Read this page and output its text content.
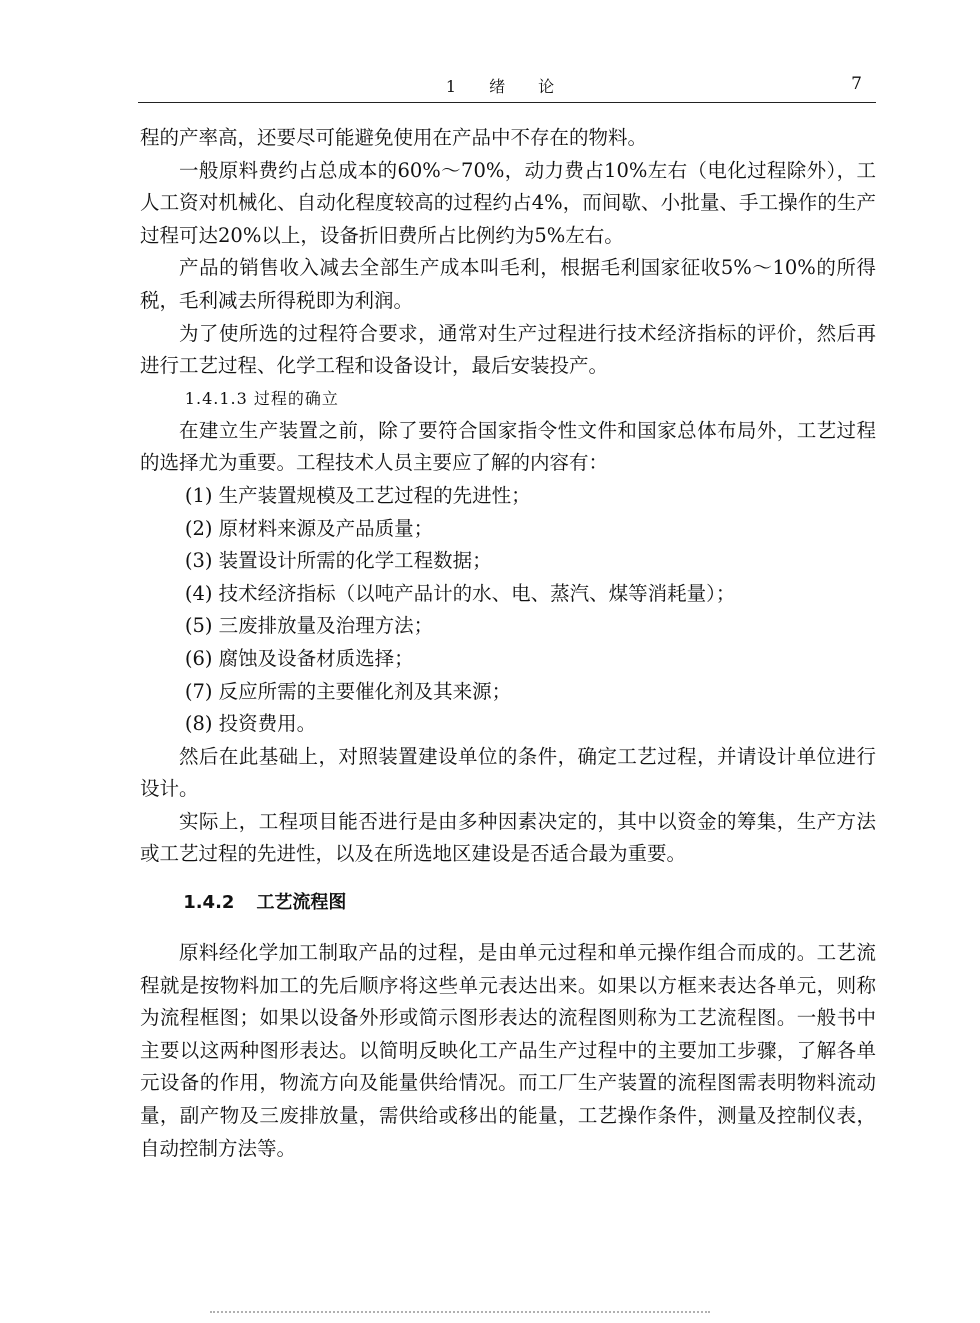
1 绪 论	7

程的产率高，还要尽可能避免使用在产品中不存在的物料。

一般原料费约占总成本的60%～70%，动力费占10%左右（电化过程除外），工人工资对机械化、自动化程度较高的过程约占4%，而间歇、小批量、手工操作的生产过程可达20%以上，设备折旧费所占比例约为5%左右。

产品的销售收入减去全部生产成本叫毛利，根据毛利国家征收5%～10%的所得税，毛利减去所得税即为利润。

为了使所选的过程符合要求，通常对生产过程进行技术经济指标的评价，然后再进行工艺过程、化学工程和设备设计，最后安装投产。

1.4.1.3 过程的确立

在建立生产装置之前，除了要符合国家指令性文件和国家总体布局外，工艺过程的选择尤为重要。工程技术人员主要应了解的内容有：

(1) 生产装置规模及工艺过程的先进性；

(2) 原材料来源及产品质量；

(3) 装置设计所需的化学工程数据；

(4) 技术经济指标（以吨产品计的水、电、蒸汽、煤等消耗量）；

(5) 三废排放量及治理方法；

(6) 腐蚀及设备材质选择；

(7) 反应所需的主要催化剂及其来源；

(8) 投资费用。

然后在此基础上，对照装置建设单位的条件，确定工艺过程，并请设计单位进行设计。

实际上，工程项目能否进行是由多种因素决定的，其中以资金的筹集，生产方法或工艺过程的先进性，以及在所选地区建设是否适合最为重要。

1.4.2 工艺流程图

原料经化学加工制取产品的过程，是由单元过程和单元操作组合而成的。工艺流程就是按物料加工的先后顺序将这些单元表达出来。如果以方框来表达各单元，则称为流程框图；如果以设备外形或简示图形表达的流程图则称为工艺流程图。一般书中主要以这两种图形表达。以简明反映化工产品生产过程中的主要加工步骤，了解各单元设备的作用，物流方向及能量供给情况。而工厂生产装置的流程图需表明物料流动量，副产物及三废排放量，需供给或移出的能量，工艺操作条件，测量及控制仪表，自动控制方法等。
